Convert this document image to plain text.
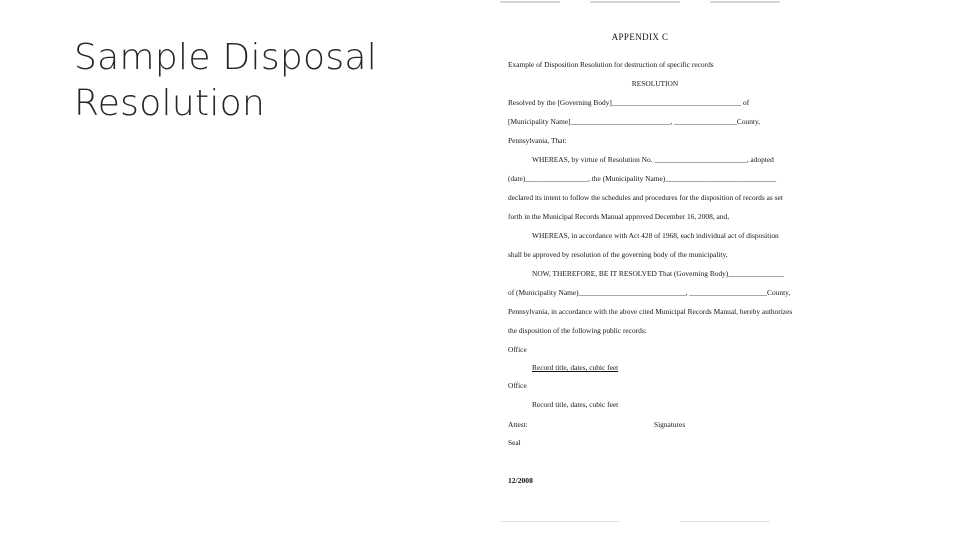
Sample Disposal
Resolution
APPENDIX C
Example of Disposition Resolution for destruction of specific records
RESOLUTION
Resolved by the [Governing Body]___________________________________ of
[Municipality Name]___________________________, _________________County,
Pennsylvania, That:
WHEREAS, by virtue of Resolution No. _________________________, adopted
(date)_________________, the (Municipality Name)______________________________
declared its intent to follow the schedules and procedures for the disposition of records as set
forth in the Municipal Records Manual approved December 16, 2008, and,
WHEREAS, in accordance with Act 428 of 1968, each individual act of disposition
shall be approved by resolution of the governing body of the municipality,
NOW, THEREFORE, BE IT RESOLVED That (Governing Body)_______________
of (Municipality Name)_____________________________, _____________________County,
Pennsylvania, in accordance with the above cited Municipal Records Manual, hereby authorizes
the disposition of the following public records:
Office
Record title, dates, cubic feet
Office
Record title, dates, cubic feet
Attest:	Signatures
Seal
12/2008
